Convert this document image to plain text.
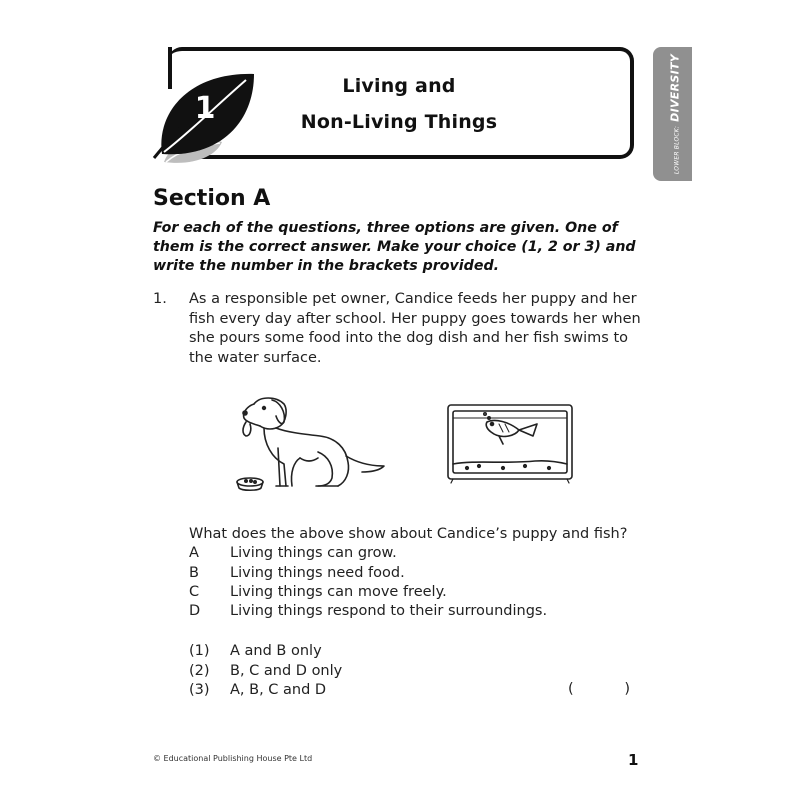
Living and
Non-Living Things
1
LOWER BLOCK:DIVERSITY
Section A
For each of the questions, three options are given. One of them is the correct answer. Make your choice (1, 2 or 3) and write the number in the brackets provided.
1. As a responsible pet owner, Candice feeds her puppy and her
fish every day after school. Her puppy goes towards her when
she pours some food into the dog dish and her fish swims to
the water surface.
What does the above show about Candice’s puppy and fish?
A Living things can grow.
B Living things need food.
C Living things can move freely.
D Living things respond to their surroundings.
(1) A and B only
(2) B, C and D only
(3) A, B, C and D	(           )
© Educational Publishing House Pte Ltd	1
